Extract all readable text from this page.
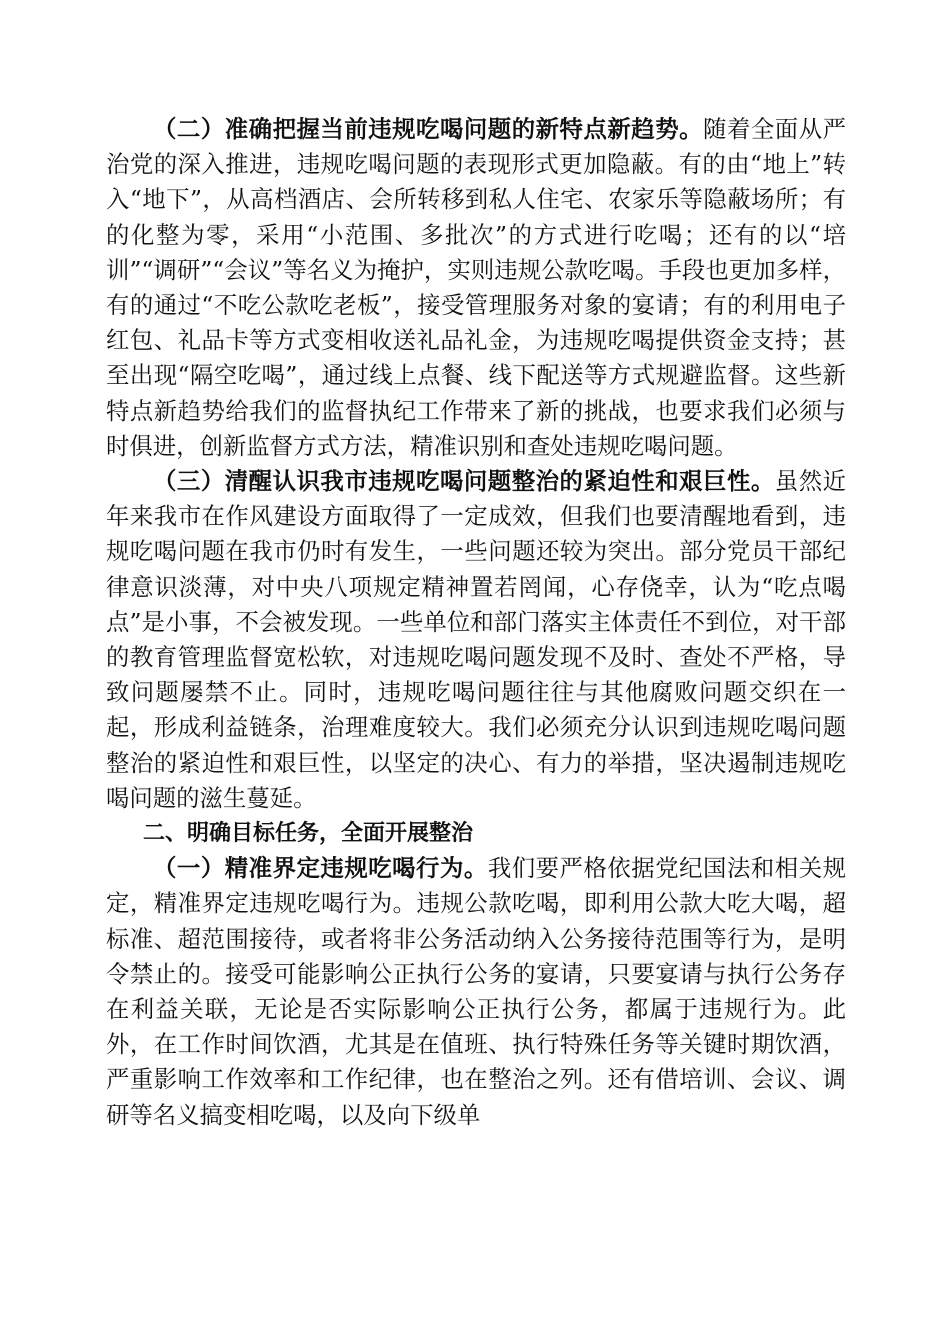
（二）准确把握当前违规吃喝问题的新特点新趋势。随着全面从严治党的深入推进，违规吃喝问题的表现形式更加隐蔽。有的由“地上”转入“地下”，从高档酒店、会所转移到私人住宅、农家乐等隐蔽场所；有的化整为零，采用“小范围、多批次”的方式进行吃喝；还有的以“培训”“调研”“会议”等名义为掩护，实则违规公款吃喝。手段也更加多样，有的通过“不吃公款吃老板”，接受管理服务对象的宴请；有的利用电子红包、礼品卡等方式变相收送礼品礼金，为违规吃喝提供资金支持；甚至出现“隔空吃喝”，通过线上点餐、线下配送等方式规避监督。这些新特点新趋势给我们的监督执纪工作带来了新的挑战，也要求我们必须与时俱进，创新监督方式方法，精准识别和查处违规吃喝问题。

（三）清醒认识我市违规吃喝问题整治的紧迫性和艰巨性。虽然近年来我市在作风建设方面取得了一定成效，但我们也要清醒地看到，违规吃喝问题在我市仍时有发生，一些问题还较为突出。部分党员干部纪律意识淡薄，对中央八项规定精神置若罔闻，心存侥幸，认为“吃点喝点”是小事，不会被发现。一些单位和部门落实主体责任不到位，对干部的教育管理监督宽松软，对违规吃喝问题发现不及时、查处不严格，导致问题屡禁不止。同时，违规吃喝问题往往与其他腐败问题交织在一起，形成利益链条，治理难度较大。我们必须充分认识到违规吃喝问题整治的紧迫性和艰巨性，以坚定的决心、有力的举措，坚决遏制违规吃喝问题的滋生蔓延。

二、明确目标任务，全面开展整治

（一）精准界定违规吃喝行为。我们要严格依据党纪国法和相关规定，精准界定违规吃喝行为。违规公款吃喝，即利用公款大吃大喝，超标准、超范围接待，或者将非公务活动纳入公务接待范围等行为，是明令禁止的。接受可能影响公正执行公务的宴请，只要宴请与执行公务存在利益关联，无论是否实际影响公正执行公务，都属于违规行为。此外，在工作时间饮酒，尤其是在值班、执行特殊任务等关键时期饮酒，严重影响工作效率和工作纪律，也在整治之列。还有借培训、会议、调研等名义搞变相吃喝，以及向下级单
